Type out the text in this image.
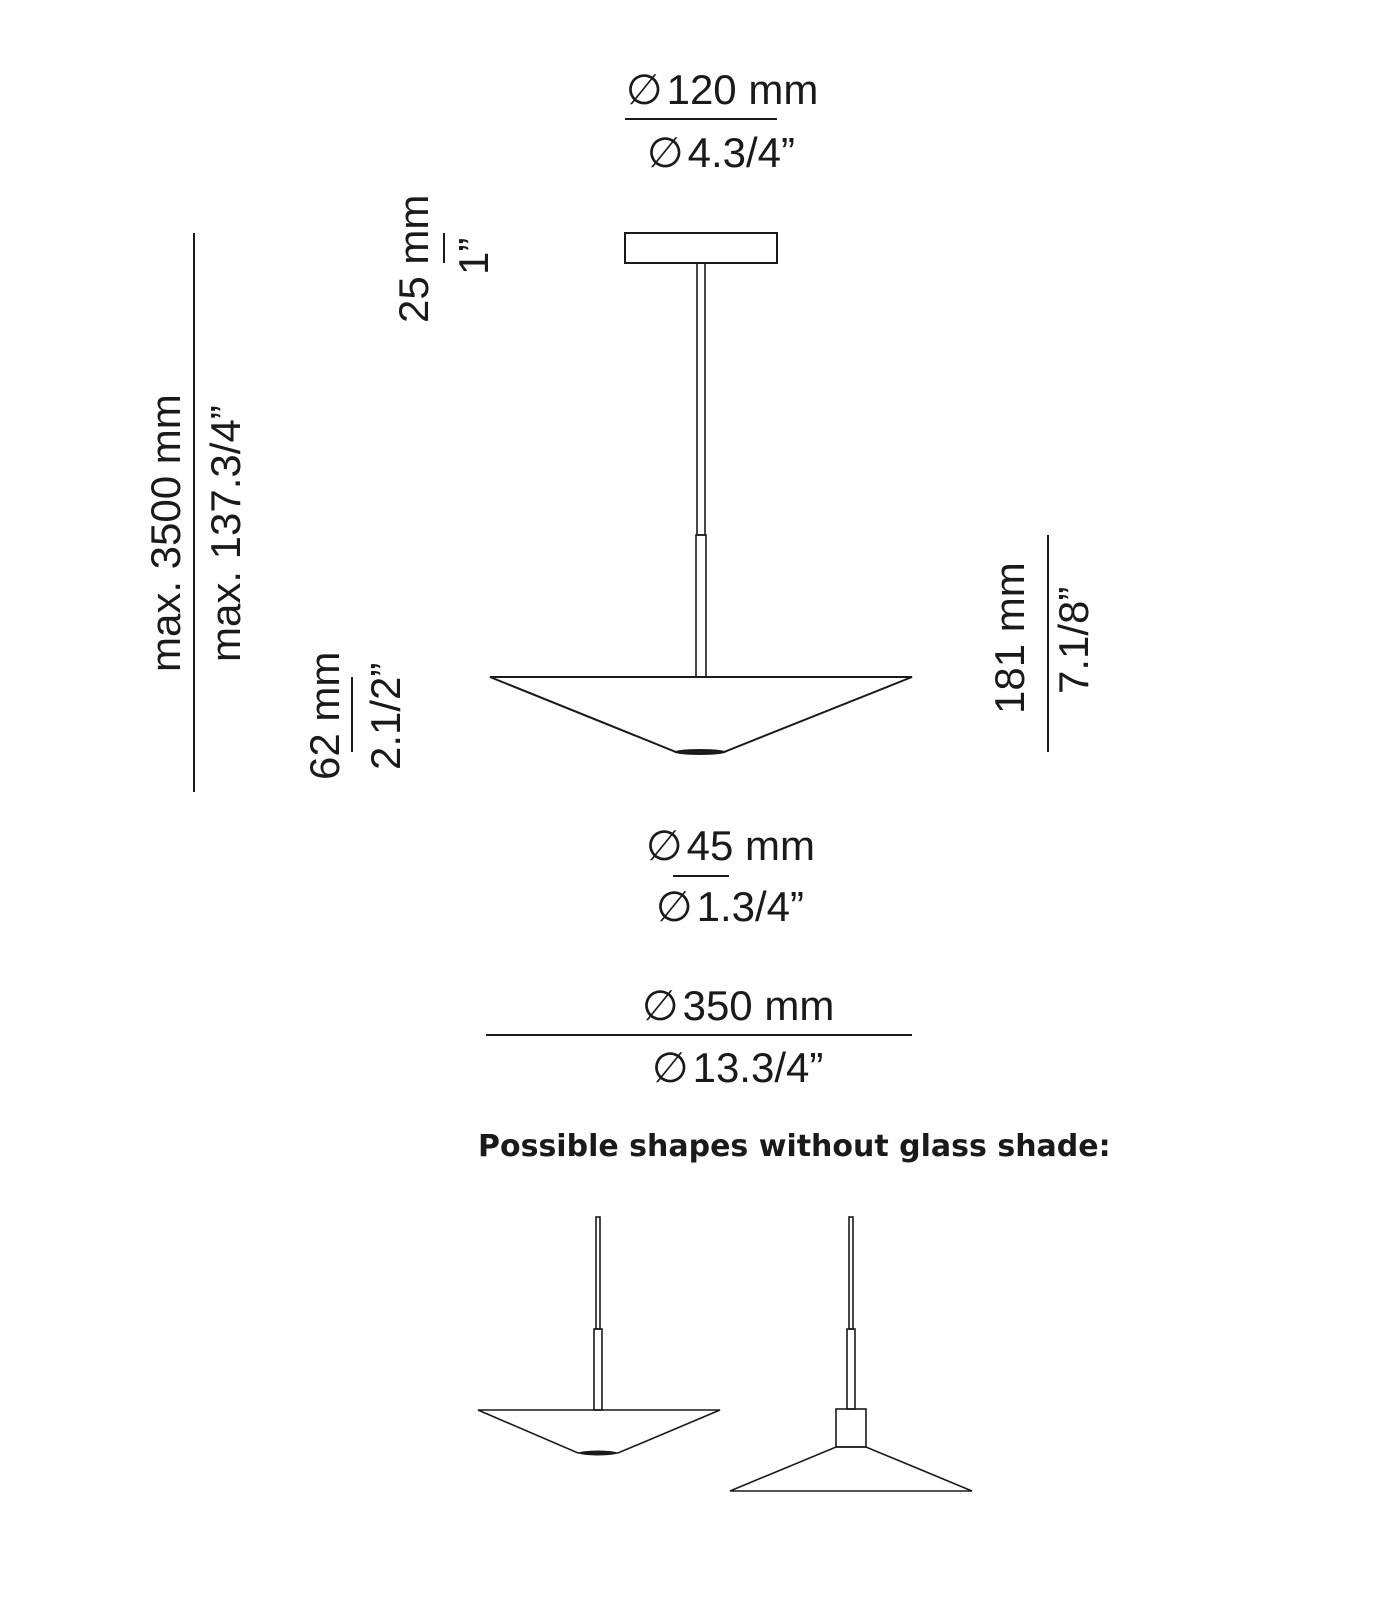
∅ 120 mm
∅ 4.3/4”
25 mm 1”
max. 3500 mm max. 137.3/4”
62 mm 2.1/2”
181 mm 7.1/8”
∅ 45 mm
∅ 1.3/4”
∅ 350 mm
∅ 13.3/4”
Possible shapes without glass shade:
